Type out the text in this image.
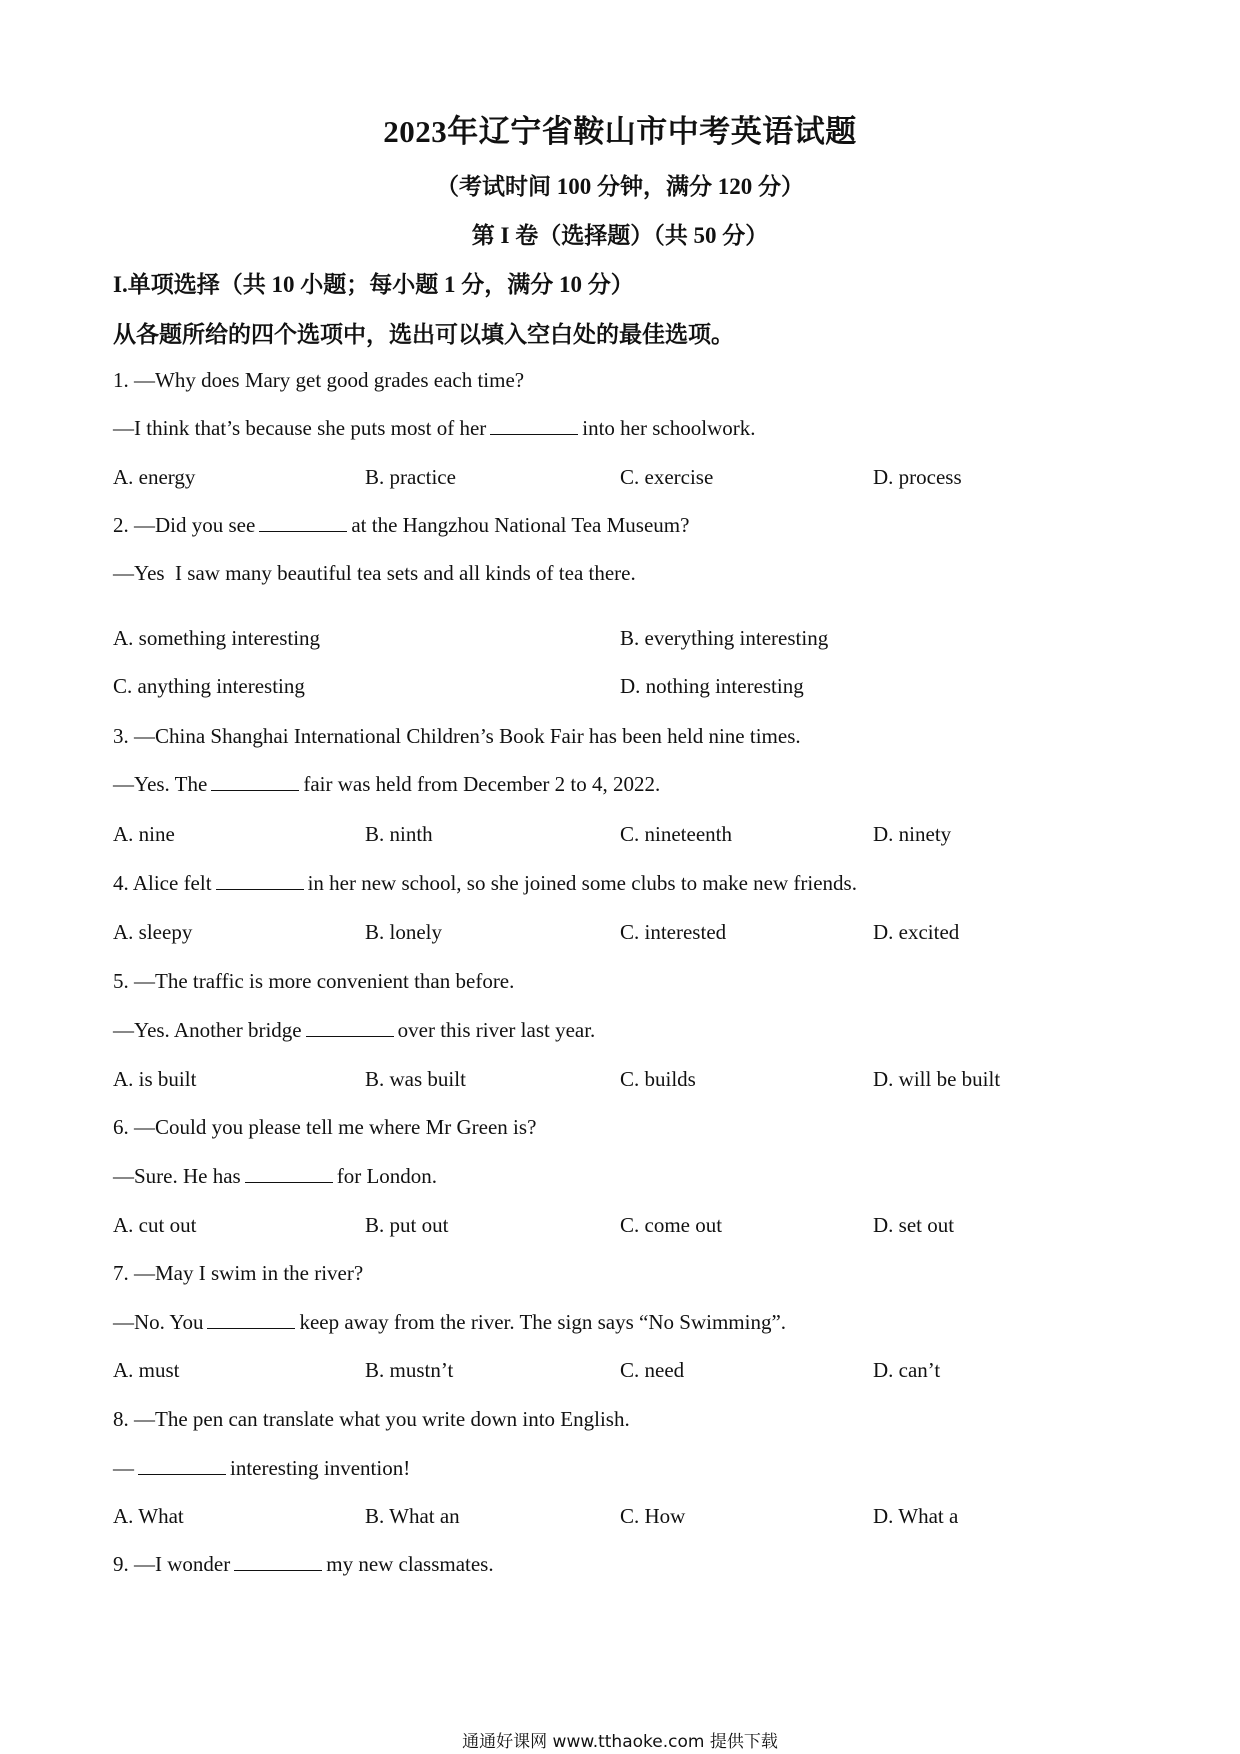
2023年辽宁省鞍山市中考英语试题
（考试时间 100 分钟，满分 120 分）
第 I 卷（选择题）（共 50 分）
I.单项选择（共 10 小题；每小题 1 分，满分 10 分）
从各题所给的四个选项中，选出可以填入空白处的最佳选项。
1. —Why does Mary get good grades each time?
—I think that’s because she puts most of her	into her schoolwork.
A. energy	B. practice	C. exercise	D. process
2. —Did you see	at the Hangzhou National Tea Museum?
—Yes  I saw many beautiful tea sets and all kinds of tea there.
A. something interesting	B. everything interesting
C. anything interesting	D. nothing interesting
3. —China Shanghai International Children’s Book Fair has been held nine times.
—Yes. The	fair was held from December 2 to 4, 2022.
A. nine	B. ninth	C. nineteenth	D. ninety
4. Alice felt	in her new school, so she joined some clubs to make new friends.
A. sleepy	B. lonely	C. interested	D. excited
5. —The traffic is more convenient than before.
—Yes. Another bridge	over this river last year.
A. is built	B. was built	C. builds	D. will be built
6. —Could you please tell me where Mr Green is?
—Sure. He has	for London.
A. cut out	B. put out	C. come out	D. set out
7. —May I swim in the river?
—No. You	keep away from the river. The sign says “No Swimming”.
A. must	B. mustn’t	C. need	D. can’t
8. —The pen can translate what you write down into English.
—	interesting invention!
A. What	B. What an	C. How	D. What a
9. —I wonder	my new classmates.
通通好课网 www.tthaoke.com 提供下载
